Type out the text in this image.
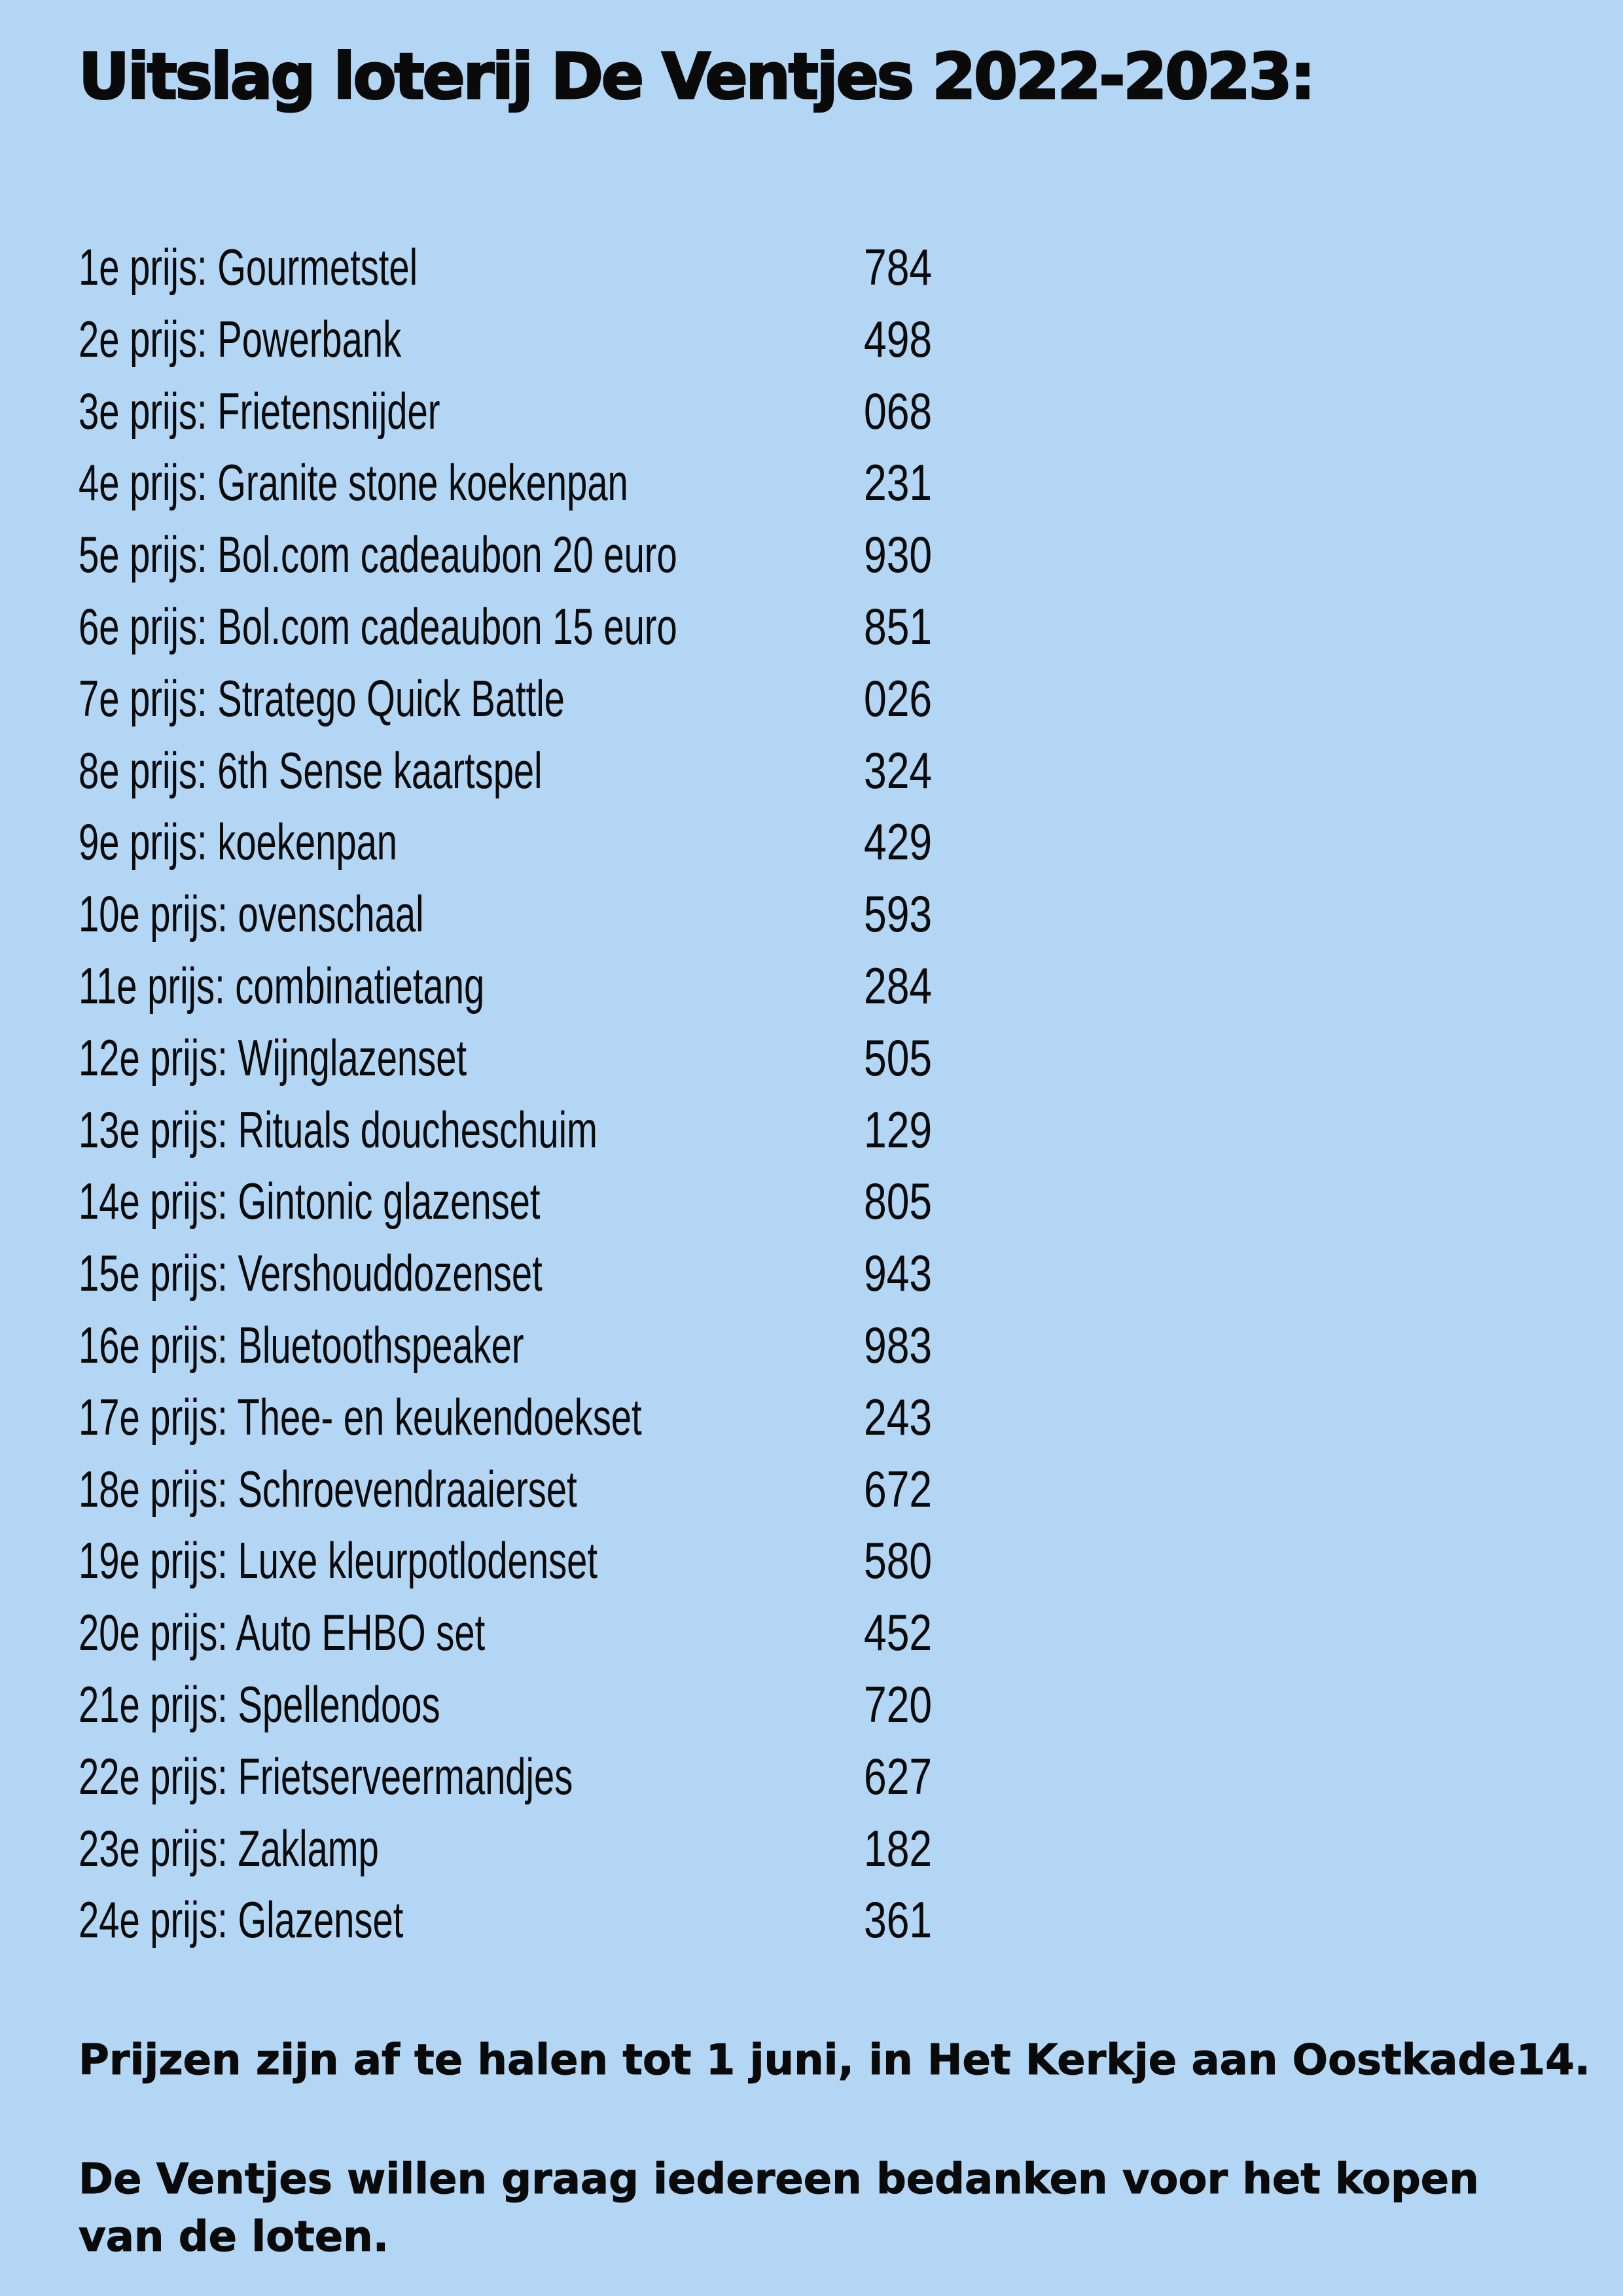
Uitslag loterij De Ventjes 2022-2023:
1e prijs: Gourmetstel	784
2e prijs: Powerbank	498
3e prijs: Frietensnijder	068
4e prijs: Granite stone koekenpan	231
5e prijs: Bol.com cadeaubon 20 euro	930
6e prijs: Bol.com cadeaubon 15 euro	851
7e prijs: Stratego Quick Battle	026
8e prijs: 6th Sense kaartspel	324
9e prijs: koekenpan	429
10e prijs: ovenschaal	593
11e prijs: combinatietang	284
12e prijs: Wijnglazenset	505
13e prijs: Rituals doucheschuim	129
14e prijs: Gintonic glazenset	805
15e prijs: Vershouddozenset	943
16e prijs: Bluetoothspeaker	983
17e prijs: Thee- en keukendoekset	243
18e prijs: Schroevendraaierset	672
19e prijs: Luxe kleurpotlodenset	580
20e prijs: Auto EHBO set	452
21e prijs: Spellendoos	720
22e prijs: Frietserveermandjes	627
23e prijs: Zaklamp	182
24e prijs: Glazenset	361

Prijzen zijn af te halen tot 1 juni, in Het Kerkje aan Oostkade14.

De Ventjes willen graag iedereen bedanken voor het kopen van de loten.
